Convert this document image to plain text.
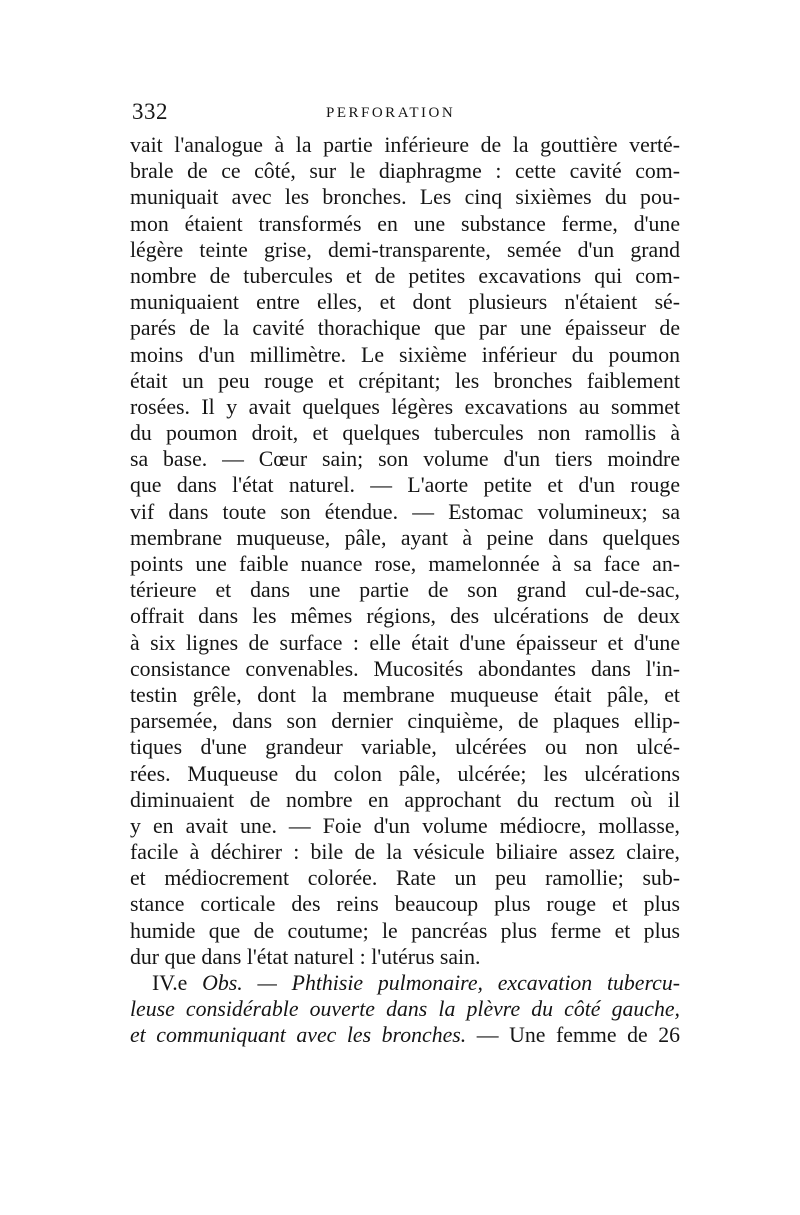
332	PERFORATION
vait l'analogue à la partie inférieure de la gouttière verté-
brale de ce côté, sur le diaphragme : cette cavité com-
muniquait avec les bronches. Les cinq sixièmes du pou-
mon étaient transformés en une substance ferme, d'une
légère teinte grise, demi-transparente, semée d'un grand
nombre de tubercules et de petites excavations qui com-
muniquaient entre elles, et dont plusieurs n'étaient sé-
parés de la cavité thorachique que par une épaisseur de
moins d'un millimètre. Le sixième inférieur du poumon
était un peu rouge et crépitant; les bronches faiblement
rosées. Il y avait quelques légères excavations au sommet
du poumon droit, et quelques tubercules non ramollis à
sa base. — Cœur sain; son volume d'un tiers moindre
que dans l'état naturel. — L'aorte petite et d'un rouge
vif dans toute son étendue. — Estomac volumineux; sa
membrane muqueuse, pâle, ayant à peine dans quelques
points une faible nuance rose, mamelonnée à sa face an-
térieure et dans une partie de son grand cul-de-sac,
offrait dans les mêmes régions, des ulcérations de deux
à six lignes de surface : elle était d'une épaisseur et d'une
consistance convenables. Mucosités abondantes dans l'in-
testin grêle, dont la membrane muqueuse était pâle, et
parsemée, dans son dernier cinquième, de plaques ellip-
tiques d'une grandeur variable, ulcérées ou non ulcé-
rées. Muqueuse du colon pâle, ulcérée; les ulcérations
diminuaient de nombre en approchant du rectum où il
y en avait une. — Foie d'un volume médiocre, mollasse,
facile à déchirer : bile de la vésicule biliaire assez claire,
et médiocrement colorée. Rate un peu ramollie; sub-
stance corticale des reins beaucoup plus rouge et plus
humide que de coutume; le pancréas plus ferme et plus
dur que dans l'état naturel : l'utérus sain.
IV.e Obs. — Phthisie pulmonaire, excavation tubercu-
leuse considérable ouverte dans la plèvre du côté gauche,
et communiquant avec les bronches. — Une femme de 26
